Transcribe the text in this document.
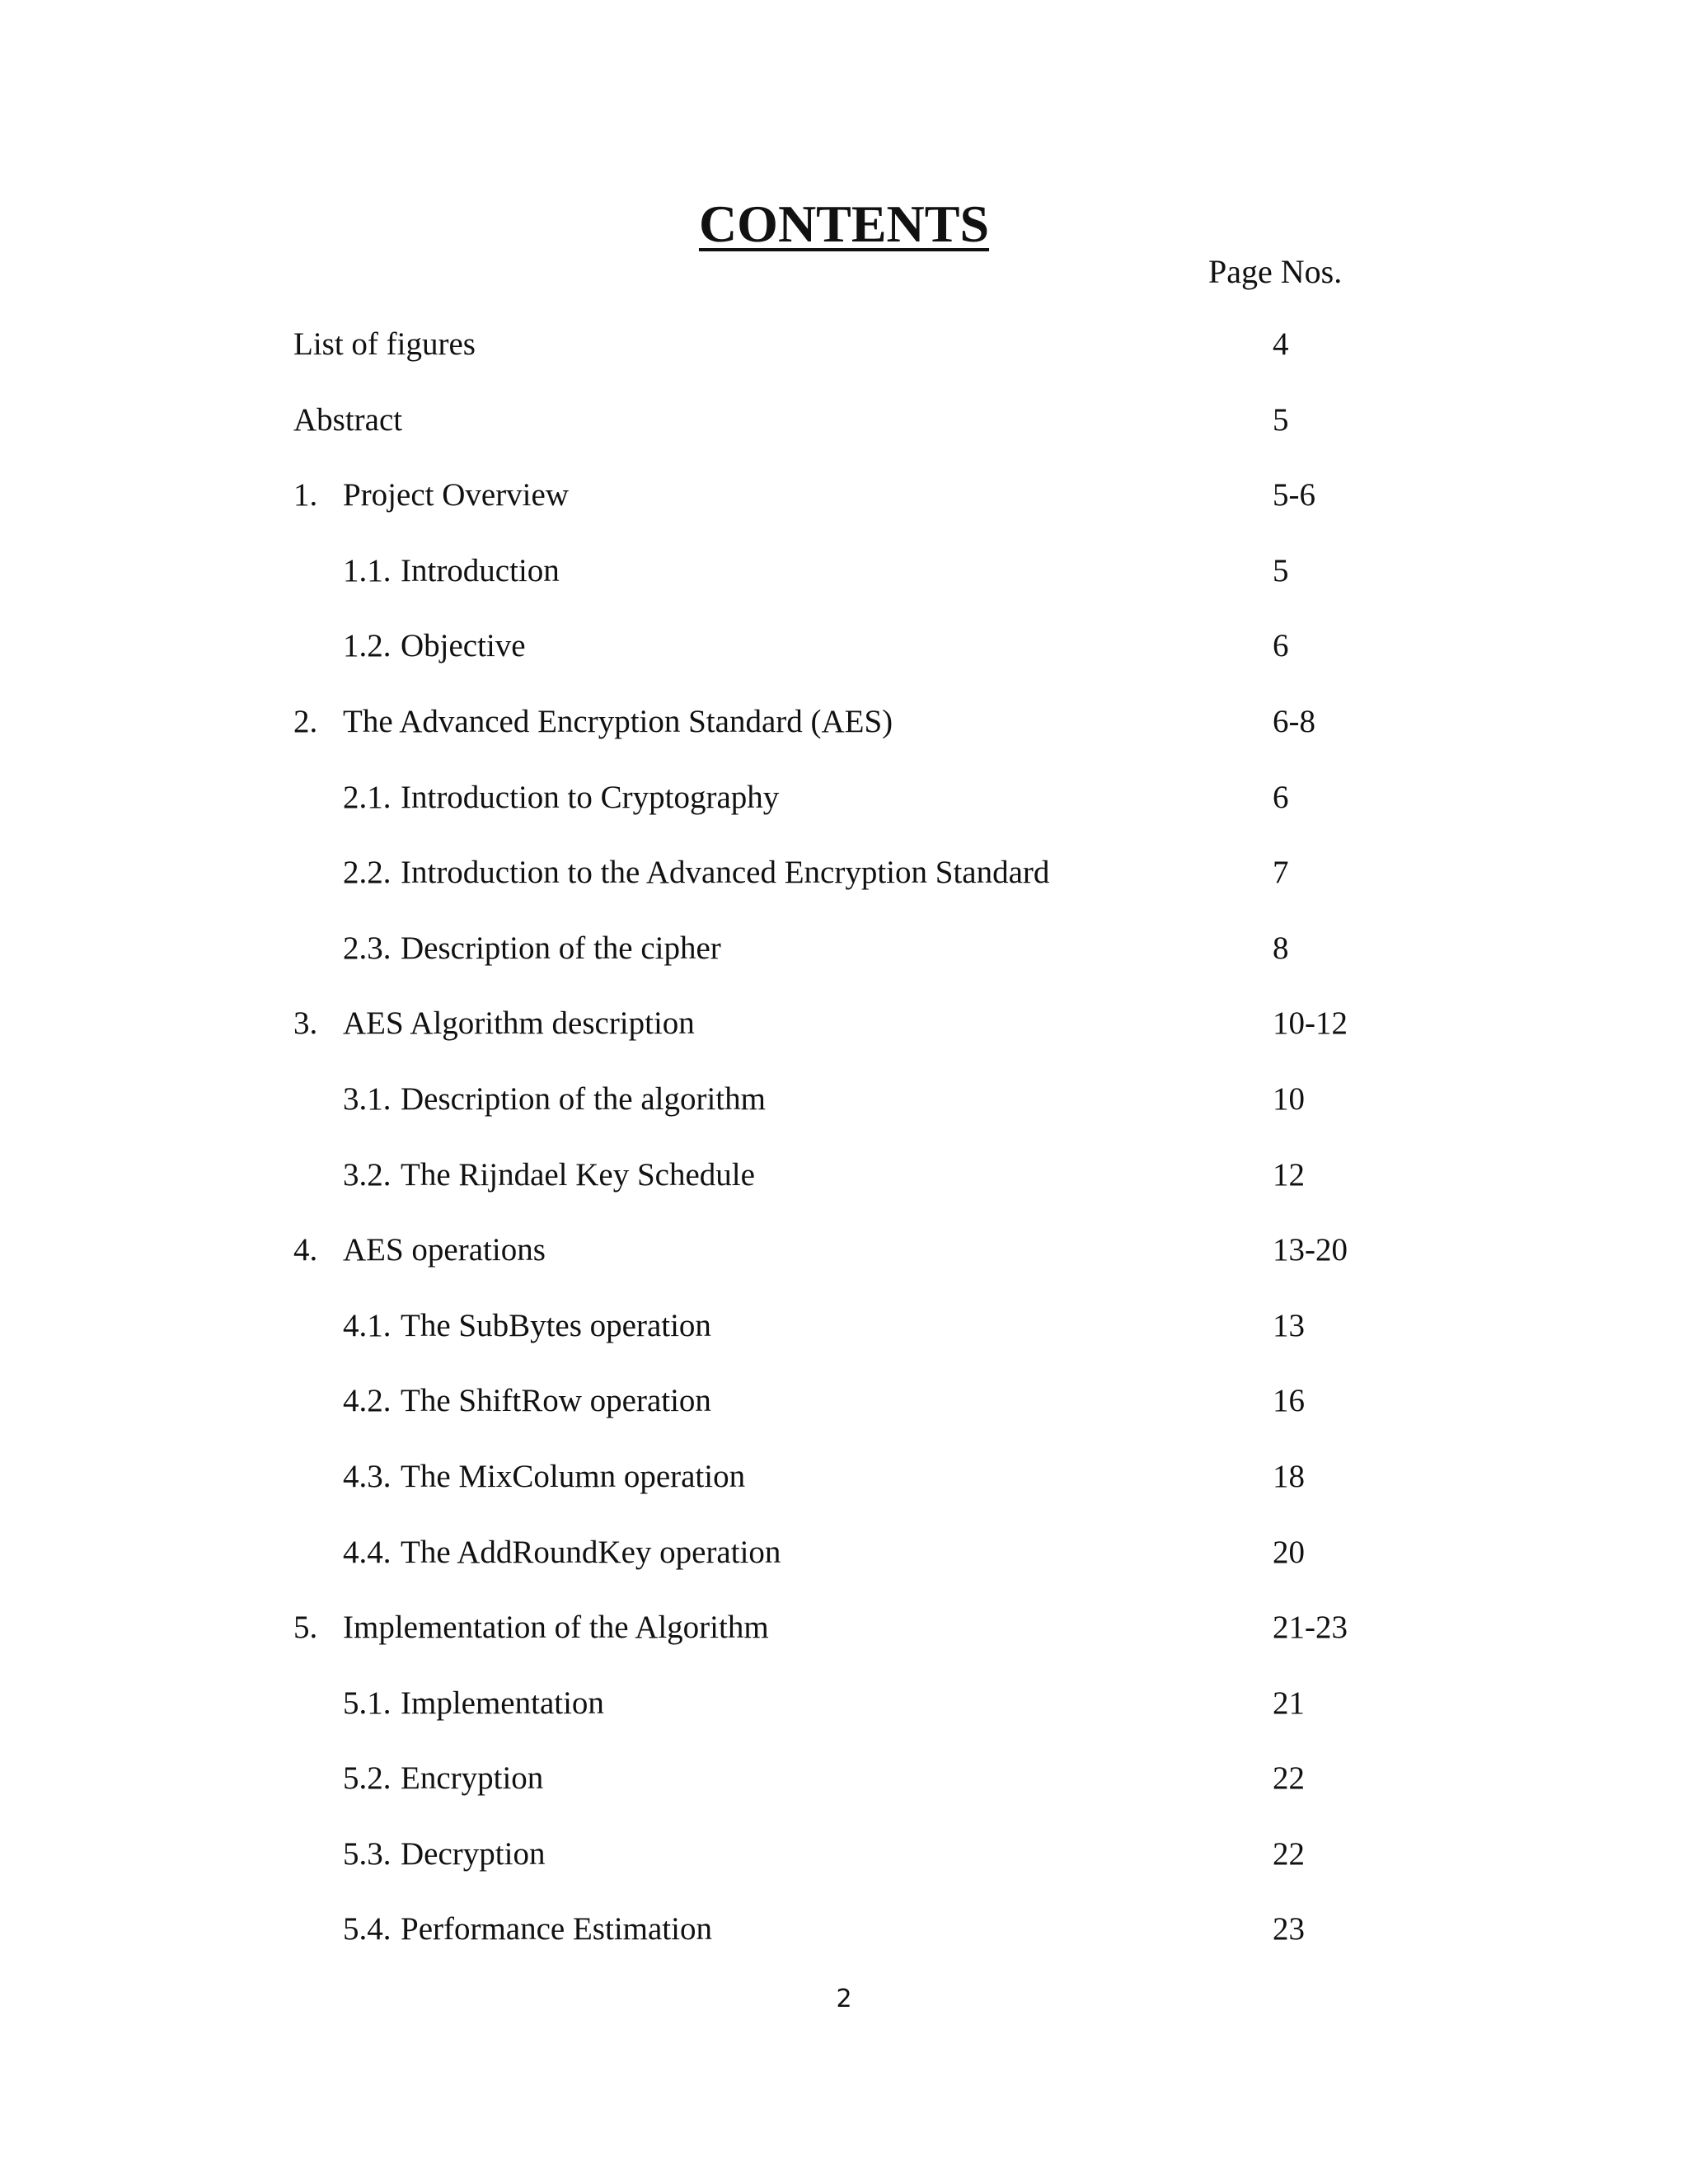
CONTENTS
Page Nos.
List of figures	4
Abstract	5
1. Project Overview	5-6
1.1. Introduction	5
1.2. Objective	6
2. The Advanced Encryption Standard (AES)	6-8
2.1. Introduction to Cryptography	6
2.2. Introduction to the Advanced Encryption Standard	7
2.3. Description of the cipher	8
3. AES Algorithm description	10-12
3.1. Description of the algorithm	10
3.2. The Rijndael Key Schedule	12
4. AES operations	13-20
4.1. The SubBytes operation	13
4.2. The ShiftRow operation	16
4.3. The MixColumn operation	18
4.4. The AddRoundKey operation	20
5. Implementation of the Algorithm	21-23
5.1. Implementation	21
5.2. Encryption	22
5.3. Decryption	22
5.4. Performance Estimation	23
2
